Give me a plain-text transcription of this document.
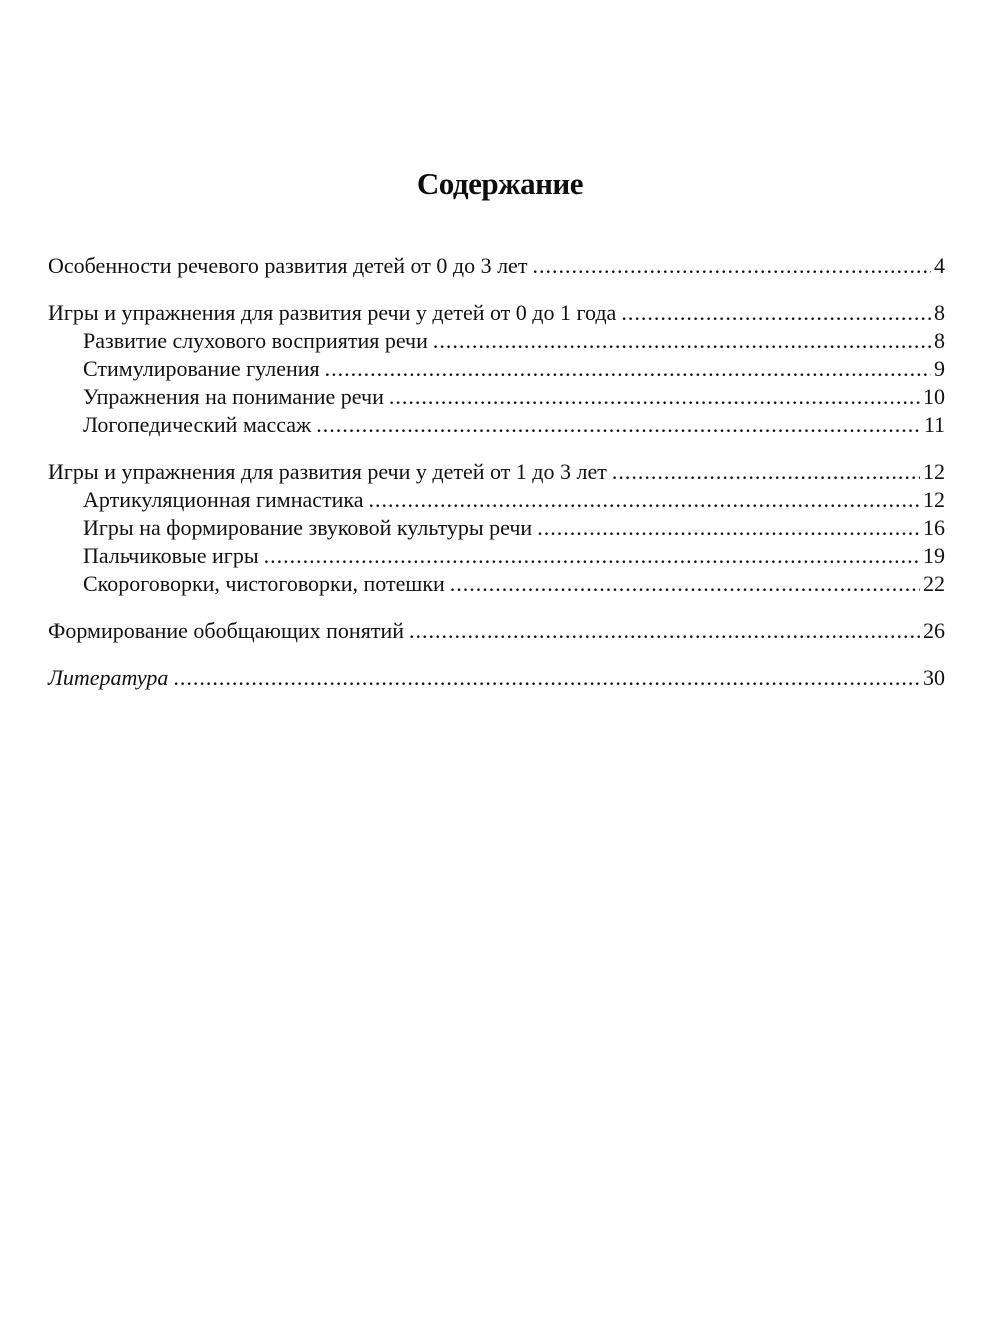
Содержание
Особенности речевого развития детей от 0 до 3 лет .....	4
Игры и упражнения для развития речи у детей от 0 до 1 года .....	8
Развитие слухового восприятия речи .....	8
Стимулирование гуления .....	9
Упражнения на понимание речи .....	10
Логопедический массаж .....	11
Игры и упражнения для развития речи у детей от 1 до 3 лет .....	12
Артикуляционная гимнастика .....	12
Игры на формирование звуковой культуры речи .....	16
Пальчиковые игры .....	19
Скороговорки, чистоговорки, потешки .....	22
Формирование обобщающих понятий .....	26
Литература .....	30
